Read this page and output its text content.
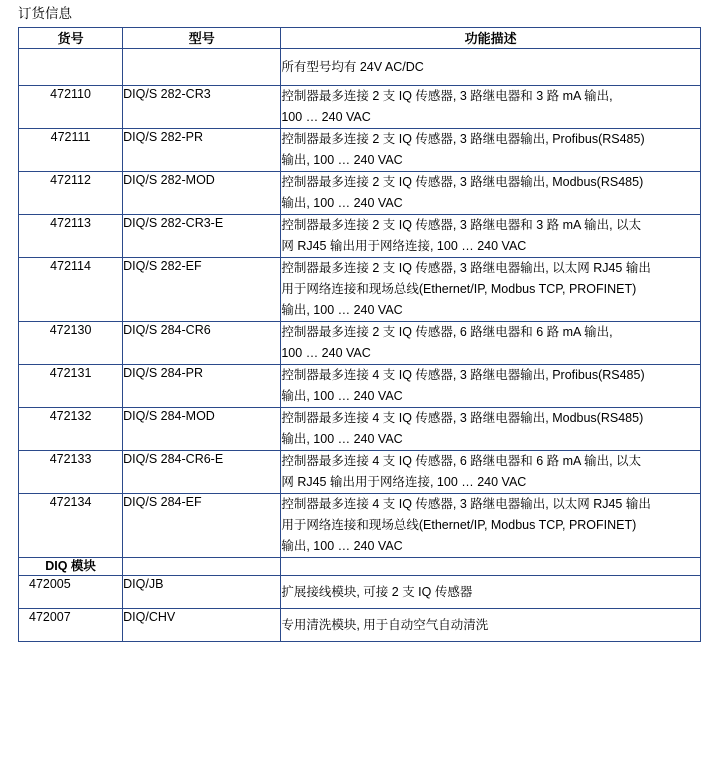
订货信息
货号	型号	功能描述

		所有型号均有 24V AC/DC

472110	DIQ/S 282-CR3	控制器最多连接 2 支 IQ 传感器, 3 路继电器和 3 路 mA 输出,
100 … 240 VAC

472111	DIQ/S 282-PR	控制器最多连接 2 支 IQ 传感器, 3 路继电器输出, Profibus(RS485)
输出, 100 … 240 VAC

472112	DIQ/S 282-MOD	控制器最多连接 2 支 IQ 传感器, 3 路继电器输出, Modbus(RS485)
输出, 100 … 240 VAC

472113	DIQ/S 282-CR3-E	控制器最多连接 2 支 IQ 传感器, 3 路继电器和 3 路 mA 输出, 以太
网 RJ45 输出用于网络连接, 100 … 240 VAC

472114	DIQ/S 282-EF	控制器最多连接 2 支 IQ 传感器, 3 路继电器输出, 以太网 RJ45 输出
用于网络连接和现场总线(Ethernet/IP, Modbus TCP, PROFINET)
输出, 100 … 240 VAC

472130	DIQ/S 284-CR6	控制器最多连接 2 支 IQ 传感器, 6 路继电器和 6 路 mA 输出,
100 … 240 VAC

472131	DIQ/S 284-PR	控制器最多连接 4 支 IQ 传感器, 3 路继电器输出, Profibus(RS485)
输出, 100 … 240 VAC

472132	DIQ/S 284-MOD	控制器最多连接 4 支 IQ 传感器, 3 路继电器输出, Modbus(RS485)
输出, 100 … 240 VAC

472133	DIQ/S 284-CR6-E	控制器最多连接 4 支 IQ 传感器, 6 路继电器和 6 路 mA 输出, 以太
网 RJ45 输出用于网络连接, 100 … 240 VAC

472134	DIQ/S 284-EF	控制器最多连接 4 支 IQ 传感器, 3 路继电器输出, 以太网 RJ45 输出
用于网络连接和现场总线(Ethernet/IP, Modbus TCP, PROFINET)
输出, 100 … 240 VAC

DIQ 模块		

472005	DIQ/JB	扩展接线模块, 可接 2 支 IQ 传感器

472007	DIQ/CHV	专用清洗模块, 用于自动空气自动清洗
